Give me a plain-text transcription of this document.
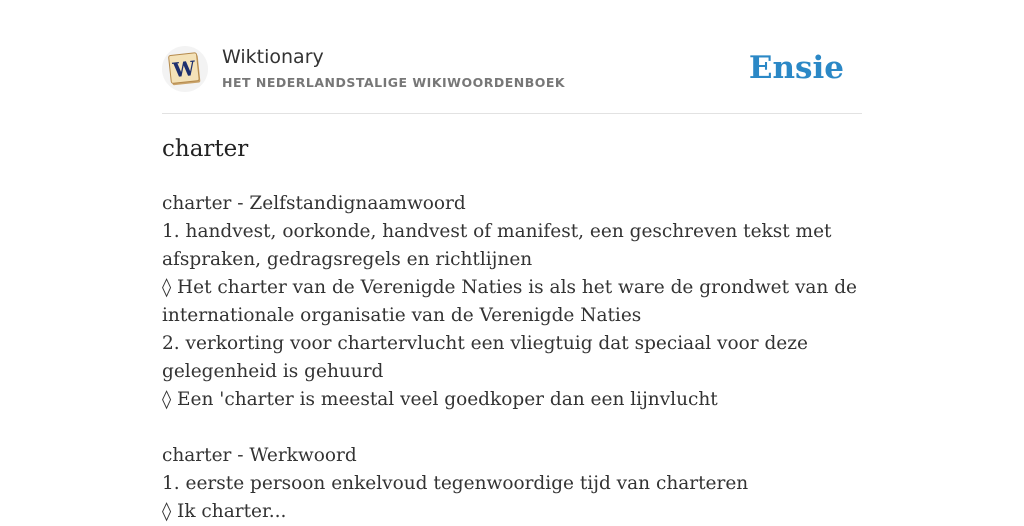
W Wiktionary
HET NEDERLANDSTALIGE WIKIWOORDENBOEK	Ensie
charter

charter - Zelfstandignaamwoord

1. handvest, oorkonde, handvest of manifest, een geschreven tekst met afspraken, gedragsregels en richtlijnen

◊ Het charter van de Verenigde Naties is als het ware de grondwet van de internationale organisatie van de Verenigde Naties

2. verkorting voor chartervlucht een vliegtuig dat speciaal voor deze gelegenheid is gehuurd

◊ Een 'charter is meestal veel goedkoper dan een lijnvlucht

charter - Werkwoord

1. eerste persoon enkelvoud tegenwoordige tijd van charteren

◊ Ik charter...
